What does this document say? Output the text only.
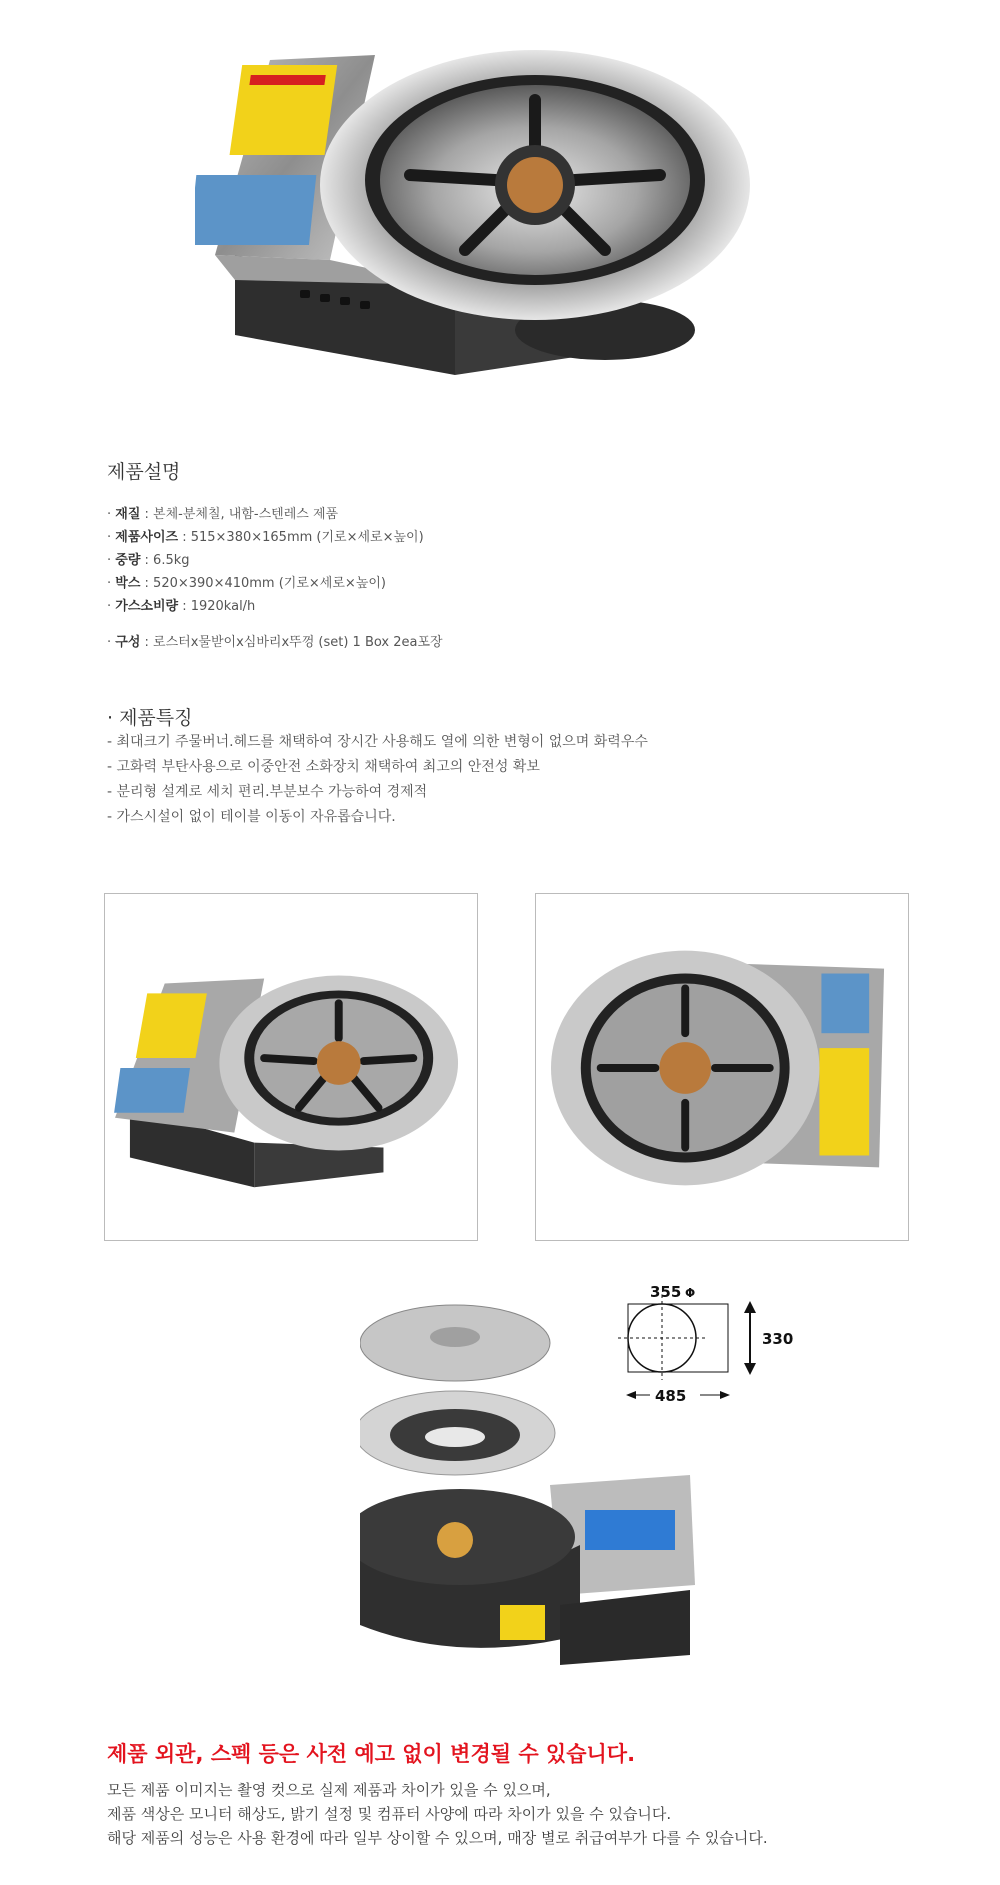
제품설명
· 재질 : 본체-분체칠, 내함-스텐레스 제품
· 제품사이즈 : 515×380×165mm (기로×세로×높이)
· 중량 : 6.5kg
· 박스 : 520×390×410mm (기로×세로×높이)
· 가스소비량 : 1920kal/h
· 구성 : 로스터x물받이x심바리x뚜껑 (set) 1 Box 2ea포장
· 제품특징
- 최대크기 주물버너.헤드를 채택하여 장시간 사용해도 열에 의한 변형이 없으며 화력우수
- 고화력 부탄사용으로 이중안전 소화장치 채택하여 최고의 안전성 확보
- 분리형 설계로 세치 편리.부분보수 가능하여 경제적
- 가스시설이 없이 테이블 이동이 자유롭습니다.
355 Φ
330
485
제품 외관, 스펙 등은 사전 예고 없이 변경될 수 있습니다.

모든 제품 이미지는 촬영 컷으로 실제 제품과 차이가 있을 수 있으며,

제품 색상은 모니터 해상도, 밝기 설정 및 컴퓨터 사양에 따라 차이가 있을 수 있습니다.

해당 제품의 성능은 사용 환경에 따라 일부 상이할 수 있으며, 매장 별로 취급여부가 다를 수 있습니다.
